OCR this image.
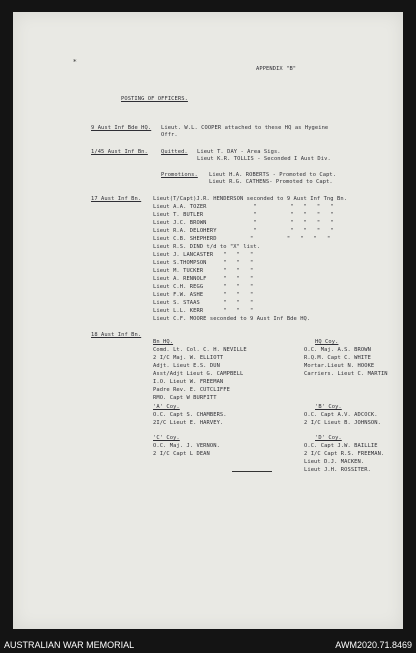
⁎
APPENDIX "B"
POSTING OF OFFICERS.
9 Aust Inf Bde HQ. Lieut. W.L. COOPER attached to these HQ as Hygeine
Offr.
1/45 Aust Inf Bn. Quitted. Lieut T. DAY - Area Sigs.
Lieut K.R. TOLLIS - Seconded I Aust Div.
Promotions. Lieut H.A. ROBERTS - Promoted to Capt.
Lieut R.G. CATHENS- Promoted to Capt.
17 Aust Inf Bn. Lieut(T/Capt)J.R. HENDERSON seconded to 9 Aust Inf Tng Bn.
Lieut A.A. TOZER              "          "   "   "   "
Lieut T. BUTLER               "          "   "   "   "
Lieut J.C. BROWN              "          "   "   "   "
Lieut R.A. DELOHERY           "          "   "   "   "
Lieut C.B. SHEPHERD          "          "   "   "   "
Lieut R.S. DIND t/d to "X" list.
Lieut J. LANCASTER   "   "   "
Lieut S.THOMPSON     "   "   "
Lieut M. TUCKER      "   "   "
Lieut A. RENNOLF     "   "   "
Lieut C.H. REGG      "   "   "
Lieut F.W. ASHE      "   "   "
Lieut S. STAAS       "   "   "
Lieut L.L. KERR      "   "   "
Lieut C.F. MOORE seconded to 9 Aust Inf Bde HQ.
18 Aust Inf Bn.
Bn HQ.
Comd. Lt. Col. C. H. NEVILLE
2 I/C Maj. W. ELLIOTT
Adjt. Lieut E.S. DUN
Asst/Adjt Lieut G. CAMPBELL
I.O. Lieut W. FREEMAN
Padre Rev. E. CUTCLIFFE
RMO. Capt W BURFITT
HQ Coy.
O.C. Maj. A.S. BROWN
R.Q.M. Capt C. WHITE
Mortar.Lieut N. HOOKE
Carriers. Lieut C. MARTIN
'A' Coy.
O.C. Capt S. CHAMBERS.
2I/C Lieut E. HARVEY.
'B' Coy.
O.C. Capt A.V. ADCOCK.
2 I/C Lieut B. JOHNSON.
'C' Coy.
O.C. Maj. J. VERNON.
2 I/C Capt L DEAN
'D' Coy.
O.C. Capt J.W. BAILLIE
2 I/C Capt R.S. FREEMAN.
Lieut D.J. MACKEN.
Lieut J.H. ROSSITER.
AUSTRALIAN WAR MEMORIAL	AWM2020.71.8469
